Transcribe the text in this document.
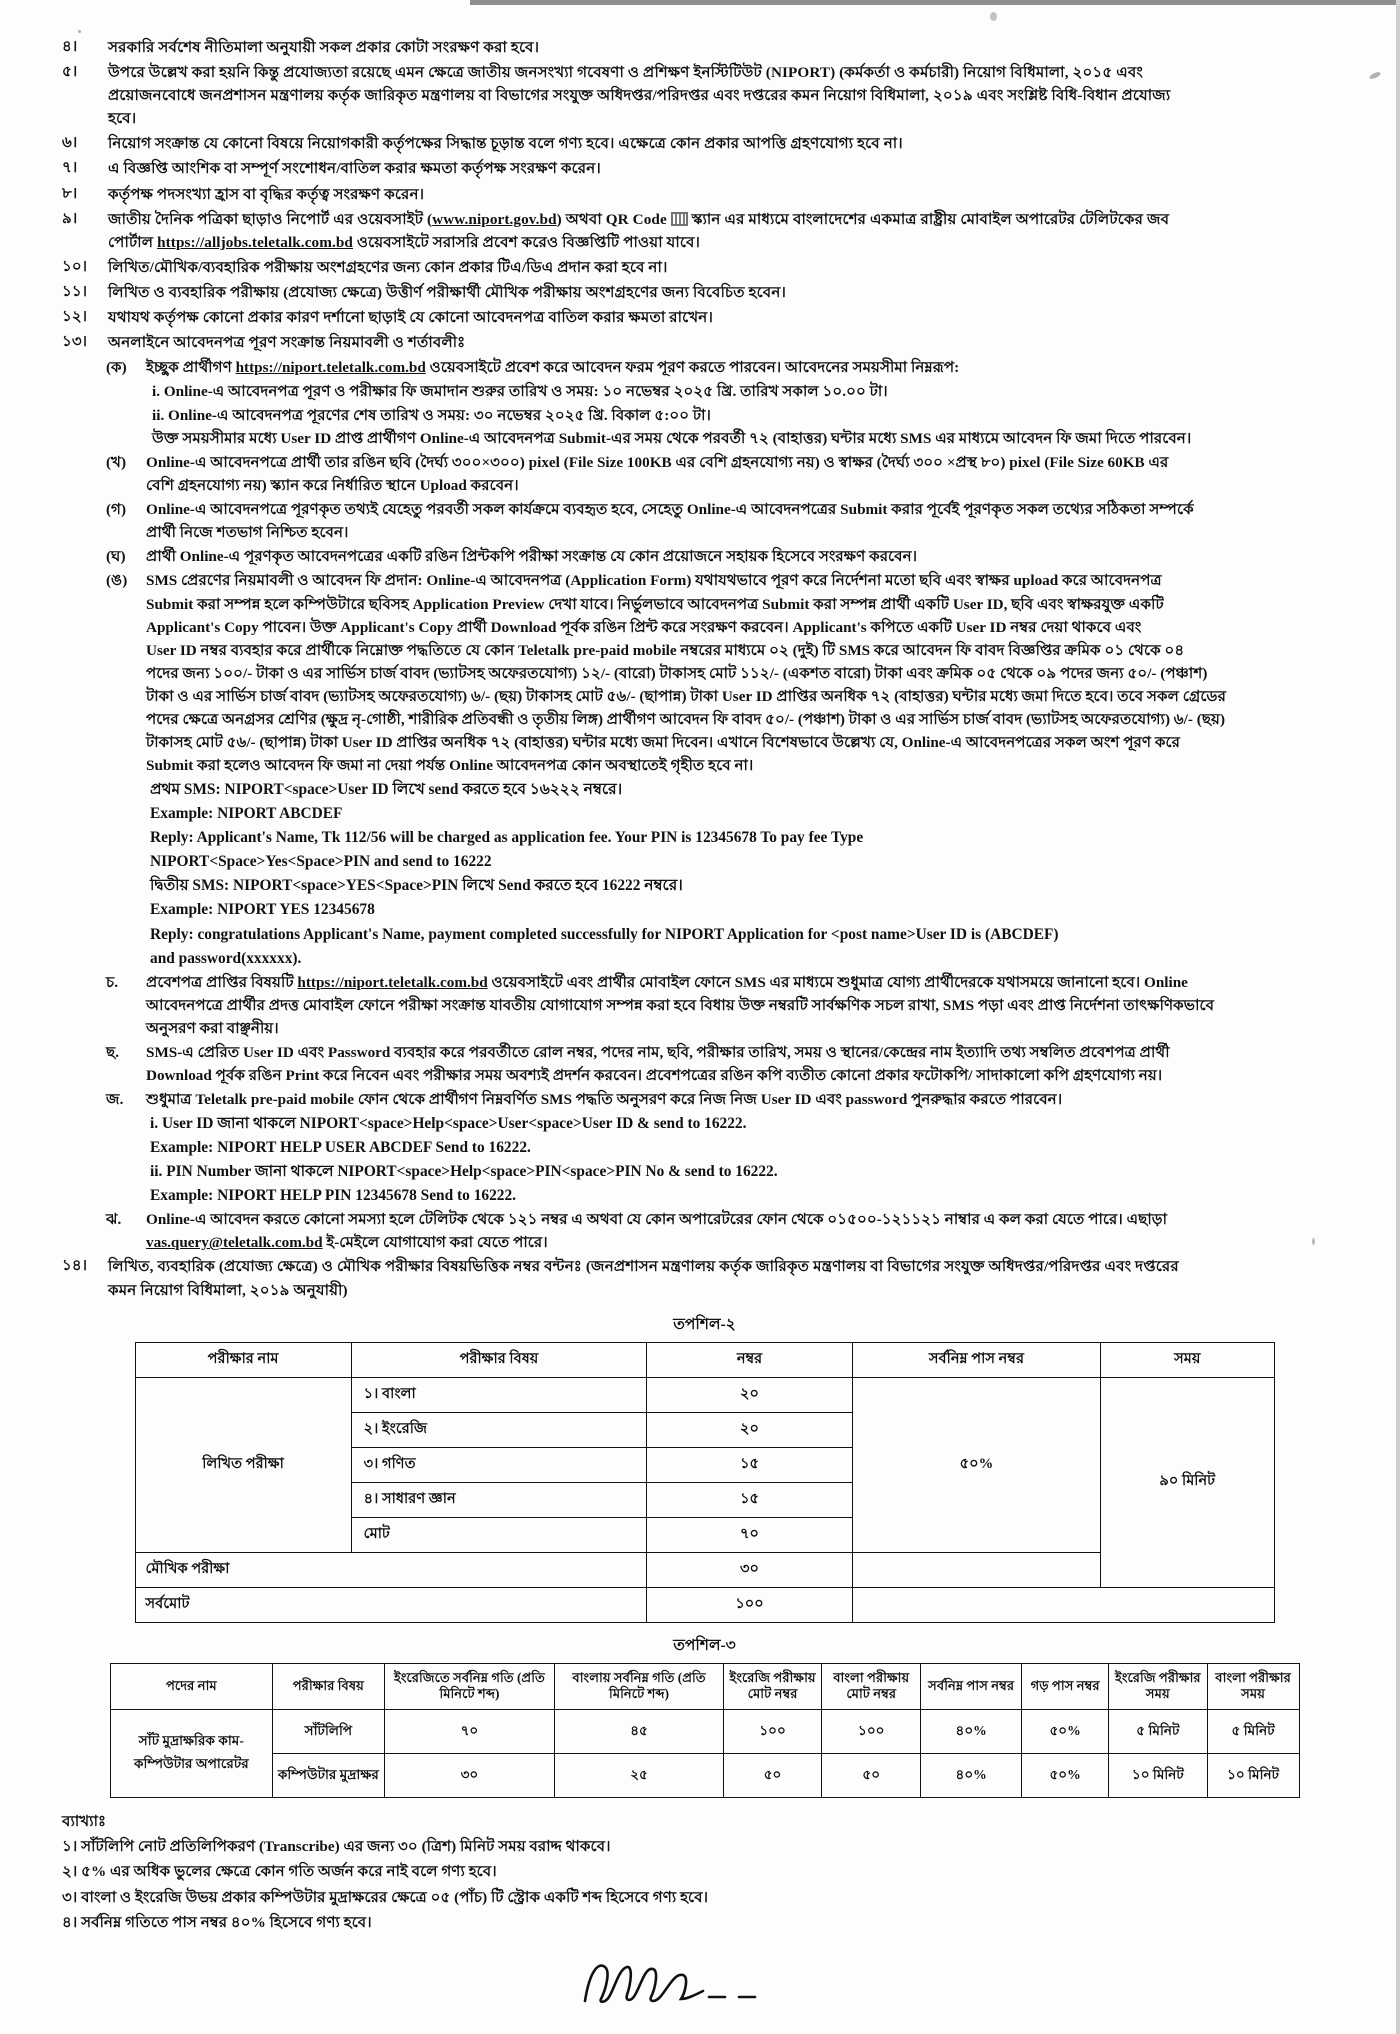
৪।	সরকারি সর্বশেষ নীতিমালা অনুযায়ী সকল প্রকার কোটা সংরক্ষণ করা হবে।
৫।	উপরে উল্লেখ করা হয়নি কিন্তু প্রযোজ্যতা রয়েছে এমন ক্ষেত্রে জাতীয় জনসংখ্যা গবেষণা ও প্রশিক্ষণ ইনস্টিটিউট (NIPORT) (কর্মকর্তা ও কর্মচারী) নিয়োগ বিধিমালা, ২০১৫ এবং
প্রয়োজনবোধে জনপ্রশাসন মন্ত্রণালয় কর্তৃক জারিকৃত মন্ত্রণালয় বা বিভাগের সংযুক্ত অধিদপ্তর/পরিদপ্তর এবং দপ্তরের কমন নিয়োগ বিধিমালা, ২০১৯ এবং সংশ্লিষ্ট বিধি-বিধান প্রযোজ্য
হবে।
৬।	নিয়োগ সংক্রান্ত যে কোনো বিষয়ে নিয়োগকারী কর্তৃপক্ষের সিদ্ধান্ত চূড়ান্ত বলে গণ্য হবে। এক্ষেত্রে কোন প্রকার আপত্তি গ্রহণযোগ্য হবে না।
৭।	এ বিজ্ঞপ্তি আংশিক বা সম্পূর্ণ সংশোধন/বাতিল করার ক্ষমতা কর্তৃপক্ষ সংরক্ষণ করেন।
৮।	কর্তৃপক্ষ পদসংখ্যা হ্রাস বা বৃদ্ধির কর্তৃত্ব সংরক্ষণ করেন।
৯।	জাতীয় দৈনিক পত্রিকা ছাড়াও নিপোর্ট এর ওয়েবসাইট (www.niport.gov.bd) অথবা QR Code  স্ক্যান এর মাধ্যমে বাংলাদেশের একমাত্র রাষ্ট্রীয় মোবাইল অপারেটর টেলিটকের জব
পোর্টাল https://alljobs.teletalk.com.bd ওয়েবসাইটে সরাসরি প্রবেশ করেও বিজ্ঞপ্তিটি পাওয়া যাবে।
১০।	লিখিত/মৌখিক/ব্যবহারিক পরীক্ষায় অংশগ্রহণের জন্য কোন প্রকার টিএ/ডিএ প্রদান করা হবে না।
১১।	লিখিত ও ব্যবহারিক পরীক্ষায় (প্রযোজ্য ক্ষেত্রে) উত্তীর্ণ পরীক্ষার্থী মৌখিক পরীক্ষায় অংশগ্রহণের জন্য বিবেচিত হবেন।
১২।	যথাযথ কর্তৃপক্ষ কোনো প্রকার কারণ দর্শানো ছাড়াই যে কোনো আবেদনপত্র বাতিল করার ক্ষমতা রাখেন।
১৩।	অনলাইনে আবেদনপত্র পূরণ সংক্রান্ত নিয়মাবলী ও শর্তাবলীঃ
(ক)	ইচ্ছুক প্রার্থীগণ https://niport.teletalk.com.bd ওয়েবসাইটে প্রবেশ করে আবেদন ফরম পূরণ করতে পারবেন। আবেদনের সময়সীমা নিম্নরূপ:
i. Online-এ আবেদনপত্র পূরণ ও পরীক্ষার ফি জমাদান শুরুর তারিখ ও সময়: ১০ নভেম্বর ২০২৫ খ্রি. তারিখ সকাল ১০.০০ টা।
ii. Online-এ আবেদনপত্র পূরণের শেষ তারিখ ও সময়: ৩০ নভেম্বর ২০২৫ খ্রি. বিকাল ৫:০০ টা।
উক্ত সময়সীমার মধ্যে User ID প্রাপ্ত প্রার্থীগণ Online-এ আবেদনপত্র Submit-এর সময় থেকে পরবর্তী ৭২ (বাহাত্তর) ঘন্টার মধ্যে SMS এর মাধ্যমে আবেদন ফি জমা দিতে পারবেন।
(খ)	Online-এ আবেদনপত্রে প্রার্থী তার রঙিন ছবি (দৈর্ঘ্য ৩০০×৩০০) pixel (File Size 100KB এর বেশি গ্রহনযোগ্য নয়) ও স্বাক্ষর (দৈর্ঘ্য ৩০০ ×প্রস্থ ৮০) pixel (File Size 60KB এর
বেশি গ্রহনযোগ্য নয়) স্ক্যান করে নির্ধারিত স্থানে Upload করবেন।
(গ)	Online-এ আবেদনপত্রে পূরণকৃত তথ্যই যেহেতু পরবর্তী সকল কার্যক্রমে ব্যবহৃত হবে, সেহেতু Online-এ আবেদনপত্রের Submit করার পূর্বেই পূরণকৃত সকল তথ্যের সঠিকতা সম্পর্কে
প্রার্থী নিজে শতভাগ নিশ্চিত হবেন।
(ঘ)	প্রার্থী Online-এ পূরণকৃত আবেদনপত্রের একটি রঙিন প্রিন্টকপি পরীক্ষা সংক্রান্ত যে কোন প্রয়োজনে সহায়ক হিসেবে সংরক্ষণ করবেন।
(ঙ)	SMS প্রেরণের নিয়মাবলী ও আবেদন ফি প্রদান: Online-এ আবেদনপত্র (Application Form) যথাযথভাবে পূরণ করে নির্দেশনা মতো ছবি এবং স্বাক্ষর upload করে আবেদনপত্র
Submit করা সম্পন্ন হলে কম্পিউটারে ছবিসহ Application Preview দেখা যাবে। নির্ভুলভাবে আবেদনপত্র Submit করা সম্পন্ন প্রার্থী একটি User ID, ছবি এবং স্বাক্ষরযুক্ত একটি
Applicant's Copy পাবেন। উক্ত Applicant's Copy প্রার্থী Download পূর্বক রঙিন প্রিন্ট করে সংরক্ষণ করবেন। Applicant's কপিতে একটি User ID নম্বর দেয়া থাকবে এবং
User ID নম্বর ব্যবহার করে প্রার্থীকে নিম্নোক্ত পদ্ধতিতে যে কোন Teletalk pre-paid mobile নম্বরের মাধ্যমে ০২ (দুই) টি SMS করে আবেদন ফি বাবদ বিজ্ঞপ্তির ক্রমিক ০১ থেকে ০৪
পদের জন্য ১০০/- টাকা ও এর সার্ভিস চার্জ বাবদ (ভ্যাটসহ অফেরতযোগ্য) ১২/- (বারো) টাকাসহ মোট ১১২/- (একশত বারো) টাকা এবং ক্রমিক ০৫ থেকে ০৯ পদের জন্য ৫০/- (পঞ্চাশ)
টাকা ও এর সার্ভিস চার্জ বাবদ (ভ্যাটসহ অফেরতযোগ্য) ৬/- (ছয়) টাকাসহ মোট ৫৬/- (ছাপান্ন) টাকা User ID প্রাপ্তির অনধিক ৭২ (বাহাত্তর) ঘন্টার মধ্যে জমা দিতে হবে। তবে সকল গ্রেডের
পদের ক্ষেত্রে অনগ্রসর শ্রেণির (ক্ষুদ্র নৃ-গোষ্ঠী, শারীরিক প্রতিবন্ধী ও তৃতীয় লিঙ্গ) প্রার্থীগণ আবেদন ফি বাবদ ৫০/- (পঞ্চাশ) টাকা ও এর সার্ভিস চার্জ বাবদ (ভ্যাটসহ অফেরতযোগ্য) ৬/- (ছয়)
টাকাসহ মোট ৫৬/- (ছাপান্ন) টাকা User ID প্রাপ্তির অনধিক ৭২ (বাহাত্তর) ঘন্টার মধ্যে জমা দিবেন। এখানে বিশেষভাবে উল্লেখ্য যে, Online-এ আবেদনপত্রের সকল অংশ পূরণ করে
Submit করা হলেও আবেদন ফি জমা না দেয়া পর্যন্ত Online আবেদনপত্র কোন অবস্থাতেই গৃহীত হবে না।
প্রথম SMS: NIPORT<space>User ID লিখে send করতে হবে ১৬২২২ নম্বরে।
Example: NIPORT ABCDEF
Reply: Applicant's Name, Tk 112/56 will be charged as application fee. Your PIN is 12345678 To pay fee Type
NIPORT<Space>Yes<Space>PIN and send to 16222
দ্বিতীয় SMS: NIPORT<space>YES<Space>PIN লিখে Send করতে হবে 16222 নম্বরে।
Example: NIPORT YES 12345678
Reply: congratulations Applicant's Name, payment completed successfully for NIPORT Application for <post name>User ID is (ABCDEF)
and password(xxxxxx).
চ.	প্রবেশপত্র প্রাপ্তির বিষয়টি https://niport.teletalk.com.bd ওয়েবসাইটে এবং প্রার্থীর মোবাইল ফোনে SMS এর মাধ্যমে শুধুমাত্র যোগ্য প্রার্থীদেরকে যথাসময়ে জানানো হবে। Online
আবেদনপত্রে প্রার্থীর প্রদত্ত মোবাইল ফোনে পরীক্ষা সংক্রান্ত যাবতীয় যোগাযোগ সম্পন্ন করা হবে বিধায় উক্ত নম্বরটি সার্বক্ষণিক সচল রাখা, SMS পড়া এবং প্রাপ্ত নির্দেশনা তাৎক্ষণিকভাবে
অনুসরণ করা বাঞ্ছনীয়।
ছ.	SMS-এ প্রেরিত User ID এবং Password ব্যবহার করে পরবর্তীতে রোল নম্বর, পদের নাম, ছবি, পরীক্ষার তারিখ, সময় ও স্থানের/কেন্দ্রের নাম ইত্যাদি তথ্য সম্বলিত প্রবেশপত্র প্রার্থী
Download পূর্বক রঙিন Print করে নিবেন এবং পরীক্ষার সময় অবশ্যই প্রদর্শন করবেন। প্রবেশপত্রের রঙিন কপি ব্যতীত কোনো প্রকার ফটোকপি/ সাদাকালো কপি গ্রহণযোগ্য নয়।
জ.	শুধুমাত্র Teletalk pre-paid mobile ফোন থেকে প্রার্থীগণ নিম্নবর্ণিত SMS পদ্ধতি অনুসরণ করে নিজ নিজ User ID এবং password পুনরুদ্ধার করতে পারবেন।
i. User ID জানা থাকলে NIPORT<space>Help<space>User<space>User ID & send to 16222.
Example: NIPORT HELP USER ABCDEF Send to 16222.
ii. PIN Number জানা থাকলে NIPORT<space>Help<space>PIN<space>PIN No & send to 16222.
Example: NIPORT HELP PIN 12345678 Send to 16222.
ঝ.	Online-এ আবেদন করতে কোনো সমস্যা হলে টেলিটক থেকে ১২১ নম্বর এ অথবা যে কোন অপারেটরের ফোন থেকে ০১৫০০-১২১১২১ নাম্বার এ কল করা যেতে পারে। এছাড়া
vas.query@teletalk.com.bd ই-মেইলে যোগাযোগ করা যেতে পারে।
১৪।	লিখিত, ব্যবহারিক (প্রযোজ্য ক্ষেত্রে) ও মৌখিক পরীক্ষার বিষয়ভিত্তিক নম্বর বন্টনঃ (জনপ্রশাসন মন্ত্রণালয় কর্তৃক জারিকৃত মন্ত্রণালয় বা বিভাগের সংযুক্ত অধিদপ্তর/পরিদপ্তর এবং দপ্তরের
কমন নিয়োগ বিধিমালা, ২০১৯ অনুযায়ী)
তপশিল-২
পরীক্ষার নাম	পরীক্ষার বিষয়	নম্বর	সর্বনিম্ন পাস নম্বর	সময়
লিখিত পরীক্ষা	১। বাংলা	২০	৫০%	৯০ মিনিট
	২। ইংরেজি	২০		
	৩। গণিত	১৫		
	৪। সাধারণ জ্ঞান	১৫		
	মোট	৭০		
মৌখিক পরীক্ষা		৩০		
সর্বমোট		১০০		
তপশিল-৩
পদের নাম	পরীক্ষার বিষয়	ইংরেজিতে সর্বনিম্ন গতি (প্রতি মিনিটে শব্দ)	বাংলায় সর্বনিম্ন গতি (প্রতি মিনিটে শব্দ)	ইংরেজি পরীক্ষায় মোট নম্বর	বাংলা পরীক্ষায় মোট নম্বর	সর্বনিম্ন পাস নম্বর	গড় পাস নম্বর	ইংরেজি পরীক্ষার সময়	বাংলা পরীক্ষার সময়
সাঁট মুদ্রাক্ষরিক কাম-কম্পিউটার অপারেটর	সাঁটলিপি	৭০	৪৫	১০০	১০০	৪০%	৫০%	৫ মিনিট	৫ মিনিট
	কম্পিউটার মুদ্রাক্ষর	৩০	২৫	৫০	৫০	৪০%	৫০%	১০ মিনিট	১০ মিনিট
ব্যাখ্যাঃ
১। সাঁটলিপি নোট প্রতিলিপিকরণ (Transcribe) এর জন্য ৩০ (ত্রিশ) মিনিট সময় বরাদ্দ থাকবে।
২। ৫% এর অধিক ভুলের ক্ষেত্রে কোন গতি অর্জন করে নাই বলে গণ্য হবে।
৩। বাংলা ও ইংরেজি উভয় প্রকার কম্পিউটার মুদ্রাক্ষরের ক্ষেত্রে ০৫ (পাঁচ) টি স্ট্রোক একটি শব্দ হিসেবে গণ্য হবে।
৪। সর্বনিম্ন গতিতে পাস নম্বর ৪০% হিসেবে গণ্য হবে।
